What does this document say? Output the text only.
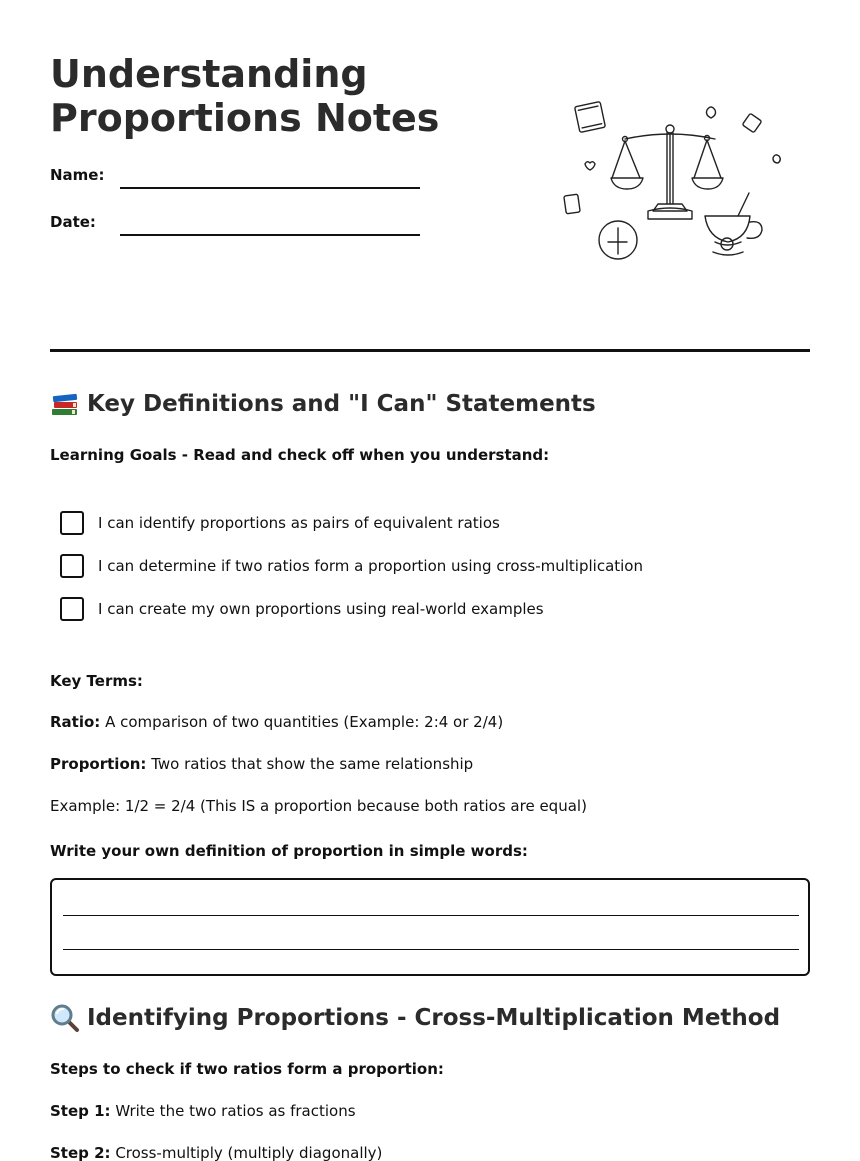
Understanding
Proportions Notes
Name:
Date:
Key Definitions and "I Can" Statements
Learning Goals - Read and check off when you understand:
I can identify proportions as pairs of equivalent ratios
I can determine if two ratios form a proportion using cross-multiplication
I can create my own proportions using real-world examples
Key Terms:
Ratio: A comparison of two quantities (Example: 2:4 or 2/4)
Proportion: Two ratios that show the same relationship
Example: 1/2 = 2/4 (This IS a proportion because both ratios are equal)
Write your own definition of proportion in simple words:
Identifying Proportions - Cross-Multiplication Method
Steps to check if two ratios form a proportion:
Step 1: Write the two ratios as fractions
Step 2: Cross-multiply (multiply diagonally)
